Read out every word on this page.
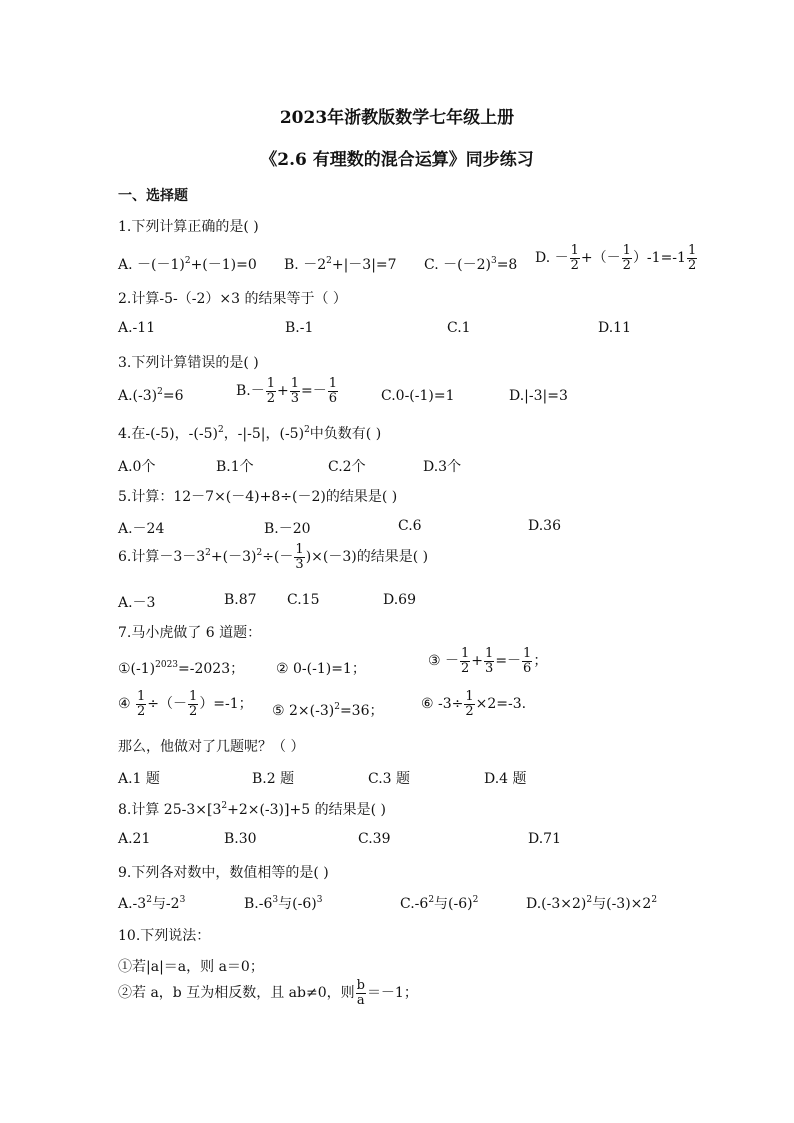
2023年浙教版数学七年级上册
《2.6 有理数的混合运算》同步练习
一、选择题
1.下列计算正确的是( )
A. $-(-1)^2+(-1)=0$ B. $-2^2+|-3|=7$ C. $-(-2)^3=8$ D. － $\frac{1}{2}$ +（－ $\frac{1}{2} )-1=-1 \frac{1}{2}$
2.计算-5-（-2）×3 的结果等于（ ）
A.-11	B.-1	C.1	D.11
3.下列计算错误的是( )
$A.(-3)^2=6$	$B.- \frac{1}{2} + \frac{1}{3} =- \frac{1}{6}$	C.0-(-1)=1	D.|-3|=3
4.在-(-5)，$-(-5)^2$，-|-5|，$(-5)^2$中负数有( )
A.0个	B.1个	C.2个	D.3个
5.计算：12－7×(－4)+8÷(－2)的结果是( )
A.－24	B.－20	C.6	D.36
6.计算$-3-3^2+(-3)^2\div(- \frac{1}{3} )\times(-3)$的结果是( )
A.－3	B.87 C.15	D.69
7.马小虎做了 6 道题：
$①(-1)^{2023}=-2023$； ② 0-(-1)=1；	③ － $\frac{1}{2} + \frac{1}{3} =- \frac{1}{6}$ ；
④ $\frac{1}{2}$ ÷（－ $\frac{1}{2} )=-1$； ⑤ $2\times(-3)^2=36$；	⑥ $-3\div \frac{1}{2} \times 2=-3$.
那么，他做对了几题呢？（ ）
A.1 题	B.2 题	C.3 题	D.4 题
8.计算 $25-3\times[3^2+2\times(-3)]+5$ 的结果是( )
A.21	B.30	C.39	D.71
9.下列各对数中，数值相等的是( )
$A.-3^2$与$-2^3$	$B.-6^3$与$(-6)^3$	$C.-6^2$与$(-6)^2$	$D.(-3\times 2)^2$与$(-3)\times 2^2$
10.下列说法：
①若|a|＝a，则 a＝0；
②若 a，b 互为相反数，且 ab≠0，则 $\frac{b}{a} =-1$；
